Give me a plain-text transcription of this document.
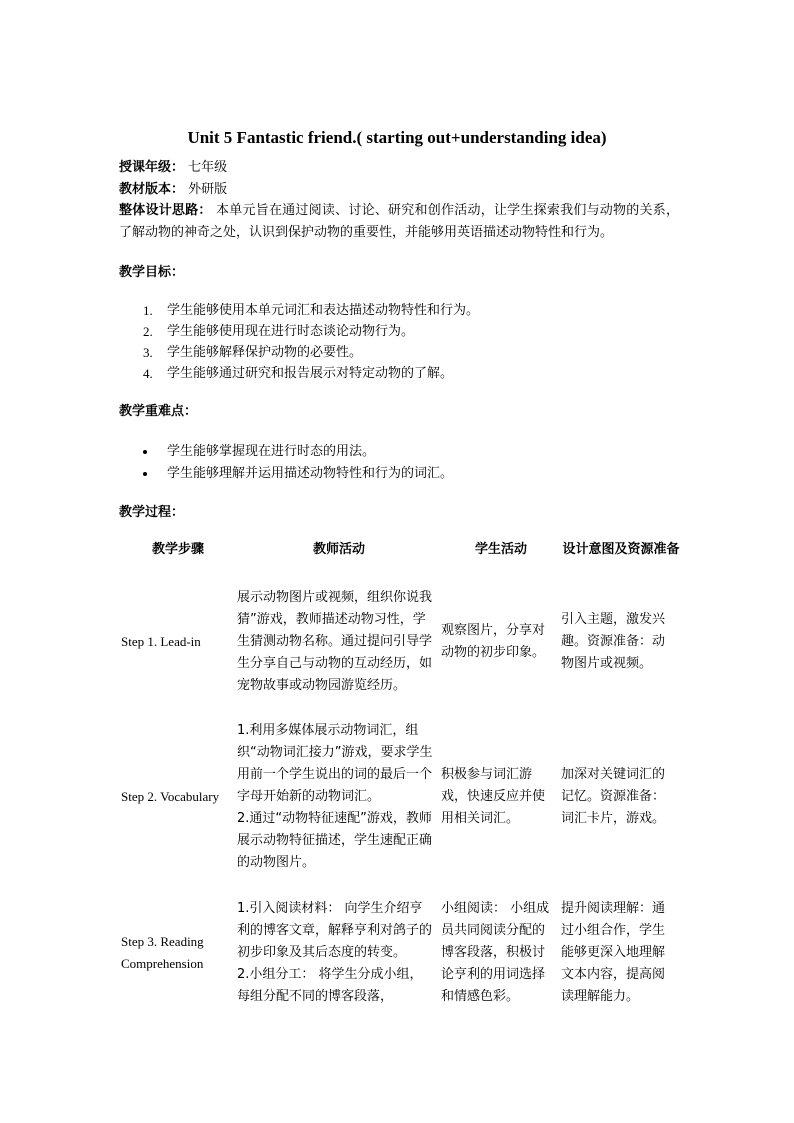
Unit 5 Fantastic friend.( starting out+understanding idea)
授课年级： 七年级
教材版本： 外研版
整体设计思路： 本单元旨在通过阅读、讨论、研究和创作活动，让学生探索我们与动物的关系，了解动物的神奇之处，认识到保护动物的重要性，并能够用英语描述动物特性和行为。
教学目标：
1. 学生能够使用本单元词汇和表达描述动物特性和行为。
2. 学生能够使用现在进行时态谈论动物行为。
3. 学生能够解释保护动物的必要性。
4. 学生能够通过研究和报告展示对特定动物的了解。
教学重难点：
学生能够掌握现在进行时态的用法。
学生能够理解并运用描述动物特性和行为的词汇。
教学过程：
教学步骤	教师活动	学生活动	设计意图及资源准备
Step 1. Lead-in	展示动物图片或视频，组织你说我猜”游戏，教师描述动物习性，学生猜测动物名称。通过提问引导学生分享自己与动物的互动经历，如宠物故事或动物园游览经历。	观察图片，分享对动物的初步印象。	引入主题，激发兴趣。资源准备：动物图片或视频。
Step 2. Vocabulary	1.利用多媒体展示动物词汇，组织“动物词汇接力”游戏，要求学生用前一个学生说出的词的最后一个字母开始新的动物词汇。
2.通过“动物特征速配”游戏，教师展示动物特征描述，学生速配正确的动物图片。	积极参与词汇游戏，快速反应并使用相关词汇。	加深对关键词汇的记忆。资源准备：词汇卡片，游戏。
Step 3. Reading Comprehension	1.引入阅读材料： 向学生介绍亨利的博客文章，解释亨利对鸽子的初步印象及其后态度的转变。
2.小组分工： 将学生分成小组，每组分配不同的博客段落，	小组阅读： 小组成员共同阅读分配的博客段落，积极讨论亨利的用词选择和情感色彩。	提升阅读理解：通过小组合作，学生能够更深入地理解文本内容，提高阅读理解能力。
